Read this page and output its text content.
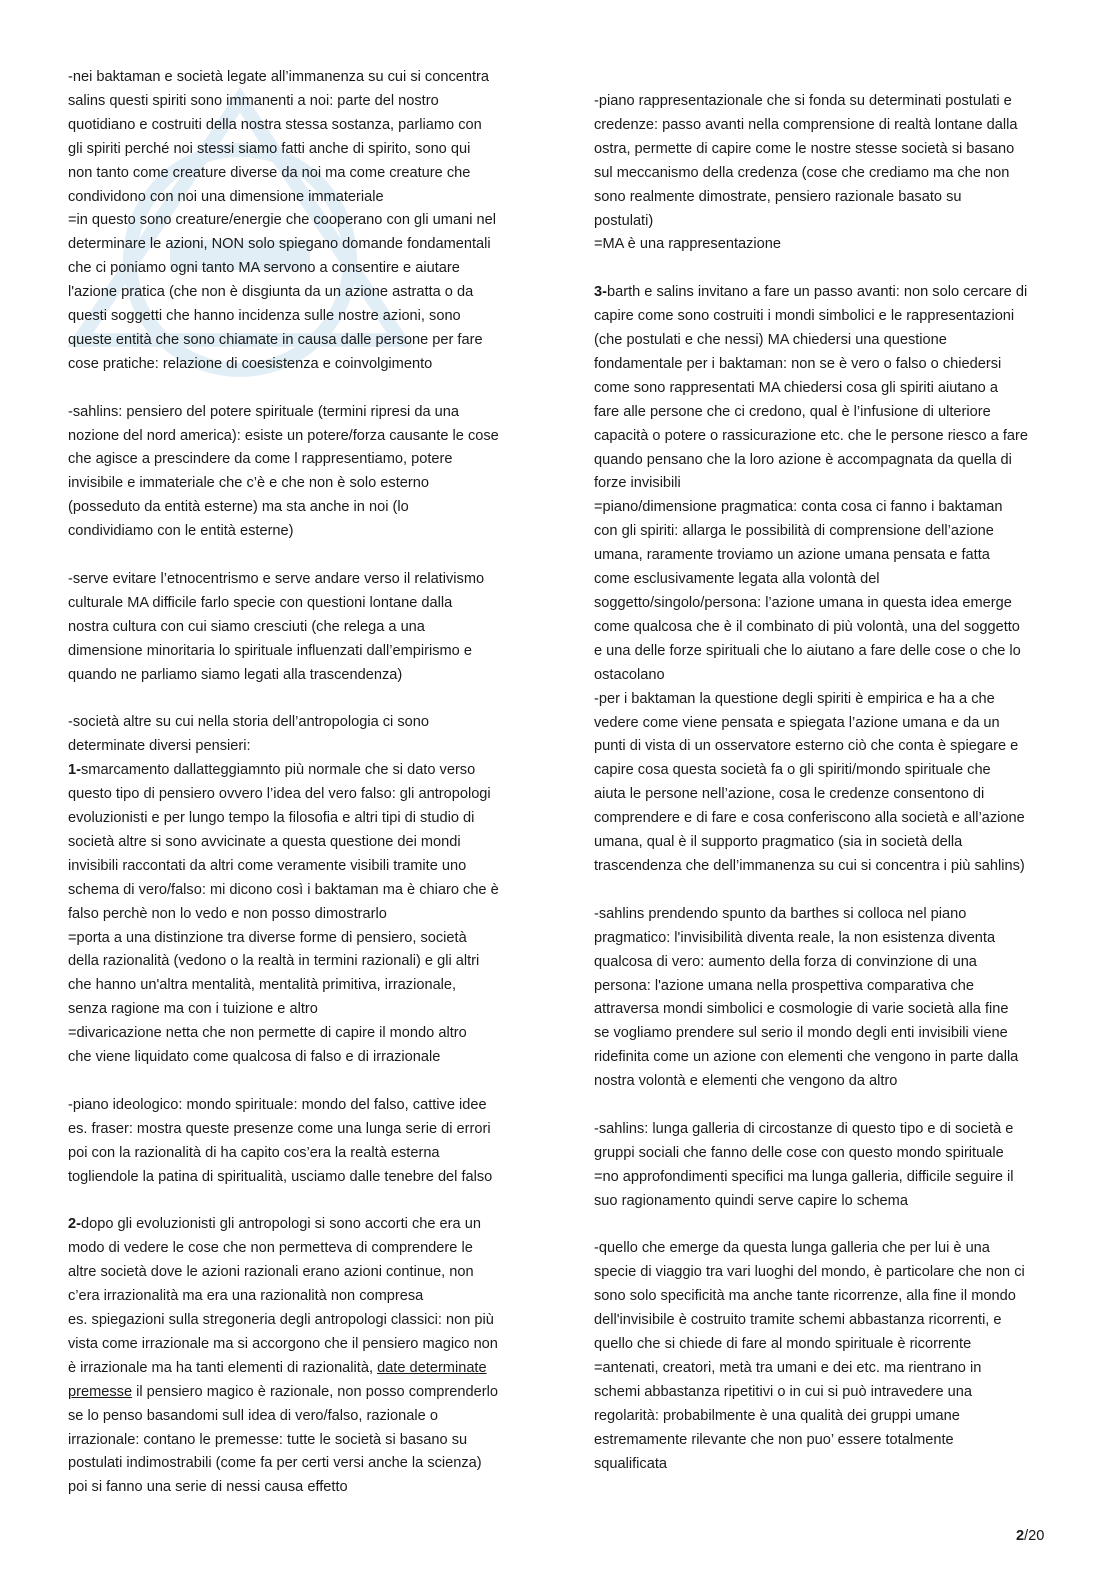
-nei baktaman e società legate all’immanenza su cui si concentra
salins questi spiriti sono immanenti a noi: parte del nostro
quotidiano e costruiti della nostra stessa sostanza, parliamo con
gli spiriti perché noi stessi siamo fatti anche di spirito, sono qui
non tanto come creature diverse da noi ma come creature che
condividono con noi una dimensione immateriale
=in questo sono creature/energie che cooperano con gli umani nel
determinare le azioni, NON solo spiegano domande fondamentali
che ci poniamo ogni tanto MA servono a consentire e aiutare
l'azione pratica (che non è disgiunta da un azione astratta o da
questi soggetti che hanno incidenza sulle nostre azioni, sono
queste entità che sono chiamate in causa dalle persone per fare
cose pratiche: relazione di coesistenza e coinvolgimento

-sahlins: pensiero del potere spirituale (termini ripresi da una
nozione del nord america): esiste un potere/forza causante le cose
che agisce a prescindere da come l rappresentiamo, potere
invisibile e immateriale che c’è e che non è solo esterno
(posseduto da entità esterne) ma sta anche in noi (lo
condividiamo con le entità esterne)

-serve evitare l’etnocentrismo e serve andare verso il relativismo
culturale MA difficile farlo specie con questioni lontane dalla
nostra cultura con cui siamo cresciuti (che relega a una
dimensione minoritaria lo spirituale influenzati dall’empirismo e
quando ne parliamo siamo legati alla trascendenza)

-società altre su cui nella storia dell’antropologia ci sono
determinate diversi pensieri:
1-smarcamento dallatteggiamnto più normale che si dato verso
questo tipo di pensiero ovvero l’idea del vero falso: gli antropologi
evoluzionisti e per lungo tempo la filosofia e altri tipi di studio di
società altre si sono avvicinate a questa questione dei mondi
invisibili raccontati da altri come veramente visibili tramite uno
schema di vero/falso: mi dicono così i baktaman ma è chiaro che è
falso perchè non lo vedo e non posso dimostrarlo
=porta a una distinzione tra diverse forme di pensiero, società
della razionalità (vedono o la realtà in termini razionali) e gli altri
che hanno un'altra mentalità, mentalità primitiva, irrazionale,
senza ragione ma con i tuizione e altro
=divaricazione netta che non permette di capire il mondo altro
che viene liquidato come qualcosa di falso e di irrazionale

-piano ideologico: mondo spirituale: mondo del falso, cattive idee
es. fraser: mostra queste presenze come una lunga serie di errori
poi con la razionalità di ha capito cos’era la realtà esterna
togliendole la patina di spiritualità, usciamo dalle tenebre del falso

2-dopo gli evoluzionisti gli antropologi si sono accorti che era un
modo di vedere le cose che non permetteva di comprendere le
altre società dove le azioni razionali erano azioni continue, non
c’era irrazionalità ma era una razionalità non compresa
es. spiegazioni sulla stregoneria degli antropologi classici: non più
vista come irrazionale ma si accorgono che il pensiero magico non
è irrazionale ma ha tanti elementi di razionalità, date determinate
premesse il pensiero magico è razionale, non posso comprenderlo
se lo penso basandomi sull idea di vero/falso, razionale o
irrazionale: contano le premesse: tutte le società si basano su
postulati indimostrabili (come fa per certi versi anche la scienza)
poi si fanno una serie di nessi causa effetto

-piano rappresentazionale che si fonda su determinati postulati e
credenze: passo avanti nella comprensione di realtà lontane dalla
ostra, permette di capire come le nostre stesse società si basano
sul meccanismo della credenza (cose che crediamo ma che non
sono realmente dimostrate, pensiero razionale basato su
postulati)
=MA è una rappresentazione

3-barth e salins invitano a fare un passo avanti: non solo cercare di
capire come sono costruiti i mondi simbolici e le rappresentazioni
(che postulati e che nessi) MA chiedersi una questione
fondamentale per i baktaman: non se è vero o falso o chiedersi
come sono rappresentati MA chiedersi cosa gli spiriti aiutano a
fare alle persone che ci credono, qual è l’infusione di ulteriore
capacità o potere o rassicurazione etc. che le persone riesco a fare
quando pensano che la loro azione è accompagnata da quella di
forze invisibili
=piano/dimensione pragmatica: conta cosa ci fanno i baktaman
con gli spiriti: allarga le possibilità di comprensione dell’azione
umana, raramente troviamo un azione umana pensata e fatta
come esclusivamente legata alla volontà del
soggetto/singolo/persona: l’azione umana in questa idea emerge
come qualcosa che è il combinato di più volontà, una del soggetto
e una delle forze spirituali che lo aiutano a fare delle cose o che lo
ostacolano
-per i baktaman la questione degli spiriti è empirica e ha a che
vedere come viene pensata e spiegata l’azione umana e da un
punti di vista di un osservatore esterno ciò che conta è spiegare e
capire cosa questa società fa o gli spiriti/mondo spirituale che
aiuta le persone nell’azione, cosa le credenze consentono di
comprendere e di fare e cosa conferiscono alla società e all’azione
umana, qual è il supporto pragmatico (sia in società della
trascendenza che dell’immanenza su cui si concentra i più sahlins)

-sahlins prendendo spunto da barthes si colloca nel piano
pragmatico: l'invisibilità diventa reale, la non esistenza diventa
qualcosa di vero: aumento della forza di convinzione di una
persona: l'azione umana nella prospettiva comparativa che
attraversa mondi simbolici e cosmologie di varie società alla fine
se vogliamo prendere sul serio il mondo degli enti invisibili viene
ridefinita come un azione con elementi che vengono in parte dalla
nostra volontà e elementi che vengono da altro

-sahlins: lunga galleria di circostanze di questo tipo e di società e
gruppi sociali che fanno delle cose con questo mondo spirituale
=no approfondimenti specifici ma lunga galleria, difficile seguire il
suo ragionamento quindi serve capire lo schema

-quello che emerge da questa lunga galleria che per lui è una
specie di viaggio tra vari luoghi del mondo, è particolare che non ci
sono solo specificità ma anche tante ricorrenze, alla fine il mondo
dell'invisibile è costruito tramite schemi abbastanza ricorrenti, e
quello che si chiede di fare al mondo spirituale è ricorrente
=antenati, creatori, metà tra umani e dei etc. ma rientrano in
schemi abbastanza ripetitivi o in cui si può intravedere una
regolarità: probabilmente è una qualità dei gruppi umane
estremamente rilevante che non puo’ essere totalmente
squalificata

2/20
